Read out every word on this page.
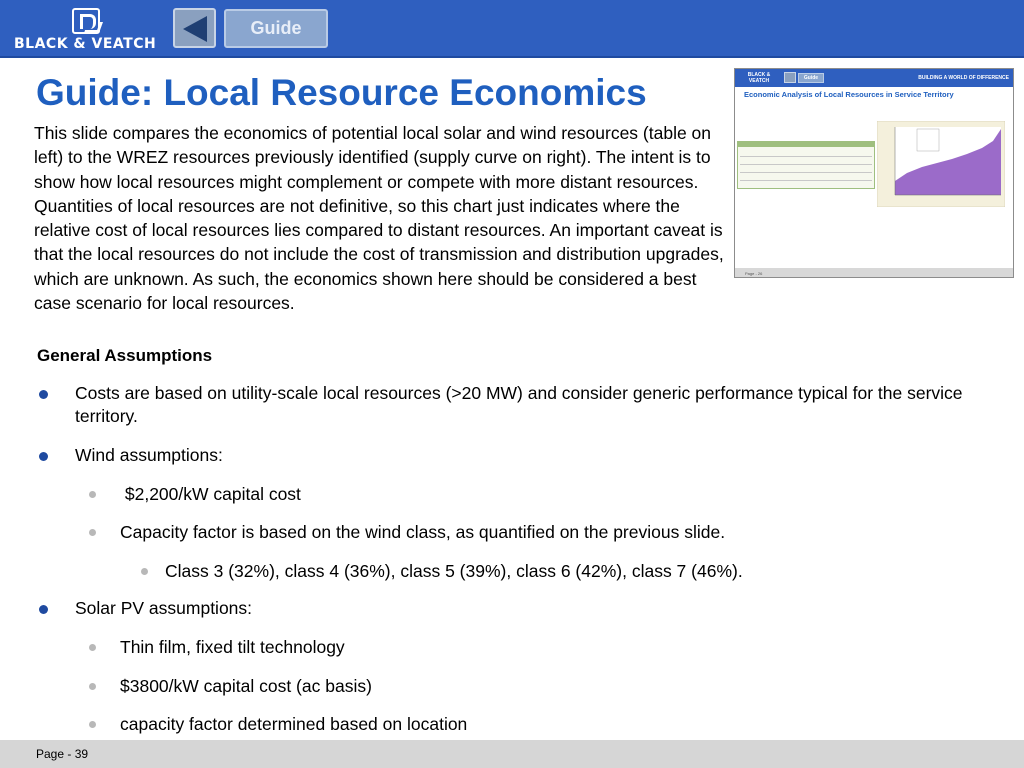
BLACK & VEATCH
Guide
Guide: Local Resource Economics
This slide compares the economics of potential local solar and wind resources (table on left) to the WREZ resources previously identified (supply curve on right). The intent is to show how local resources might complement or compete with more distant resources. Quantities of local resources are not definitive, so this chart just indicates where the relative cost of local resources lies compared to distant resources. An important caveat is that the local resources do not include the cost of transmission and distribution upgrades, which are unknown. As such, the economics shown here should be considered a best case scenario for local resources.
BLACK & VEATCH	Guide	BUILDING A WORLD OF DIFFERENCE
Economic Analysis of Local Resources in Service Territory
Page - 26
General Assumptions
Costs are based on utility-scale local resources (>20 MW) and consider generic performance typical for the service territory.
Wind assumptions:
$2,200/kW capital cost
Capacity factor is based on the wind class, as quantified on the previous slide.
Class 3 (32%), class 4 (36%), class 5 (39%), class 6 (42%), class 7 (46%).
Solar PV assumptions:
Thin film, fixed tilt technology
$3800/kW capital cost (ac basis)
capacity factor determined based on location
Page - 39
